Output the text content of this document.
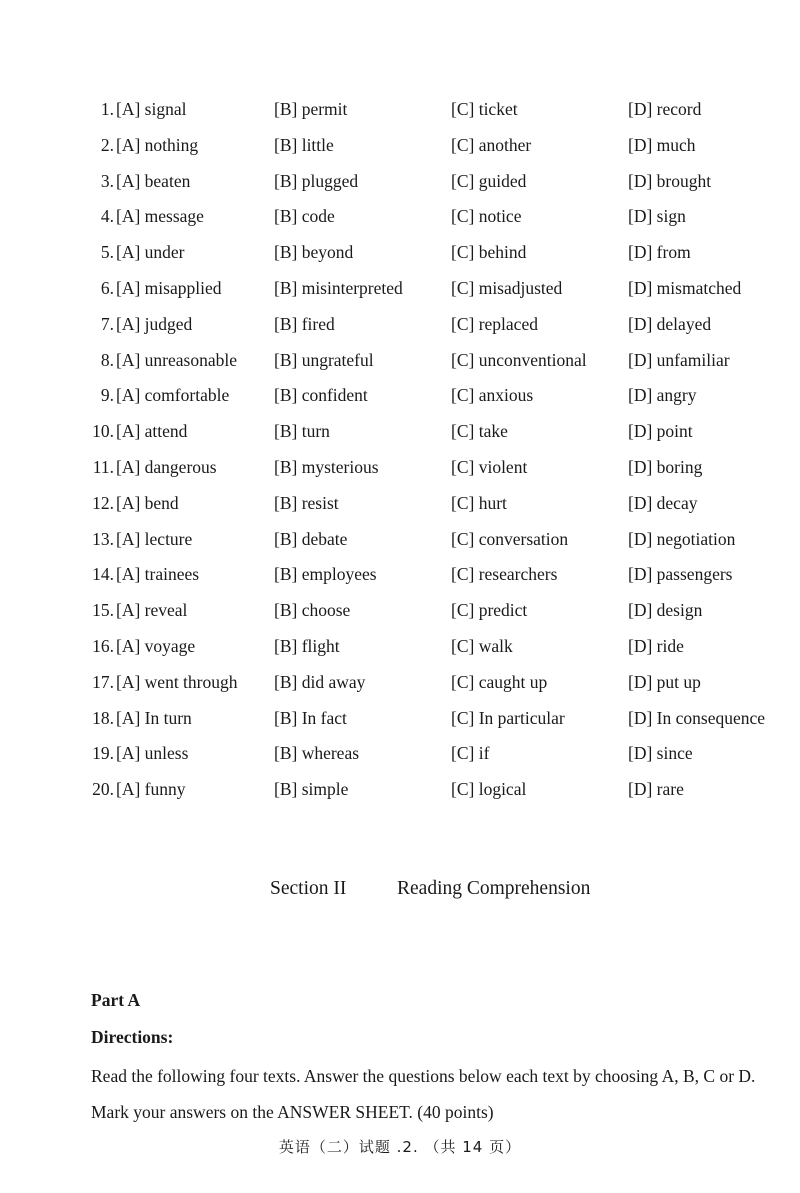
1. [A] signal	[B] permit	[C] ticket	[D] record
2. [A] nothing	[B] little	[C] another	[D] much
3. [A] beaten	[B] plugged	[C] guided	[D] brought
4. [A] message	[B] code	[C] notice	[D] sign
5. [A] under	[B] beyond	[C] behind	[D] from
6. [A] misapplied	[B] misinterpreted	[C] misadjusted	[D] mismatched
7. [A] judged	[B] fired	[C] replaced	[D] delayed
8. [A] unreasonable [B] ungrateful	[C] unconventional [D] unfamiliar
9. [A] comfortable	[B] confident	[C] anxious	[D] angry
10. [A] attend	[B] turn	[C] take	[D] point
11. [A] dangerous	[B] mysterious	[C] violent	[D] boring
12. [A] bend	[B] resist	[C] hurt	[D] decay
13. [A] lecture	[B] debate	[C] conversation	[D] negotiation
14. [A] trainees	[B] employees	[C] researchers	[D] passengers
15. [A] reveal	[B] choose	[C] predict	[D] design
16. [A] voyage	[B] flight	[C] walk	[D] ride
17. [A] went through [B] did away	[C] caught up	[D] put up
18. [A] In turn	[B] In fact	[C] In particular	[D] In consequence
19. [A] unless	[B] whereas	[C] if	[D] since
20. [A] funny	[B] simple	[C] logical	[D] rare
Section II	Reading Comprehension
Part A
Directions:
Read the following four texts. Answer the questions below each text by choosing A, B, C or D. Mark your answers on the ANSWER SHEET. (40 points)
英语（二）试题 .2. （共 14 页）
